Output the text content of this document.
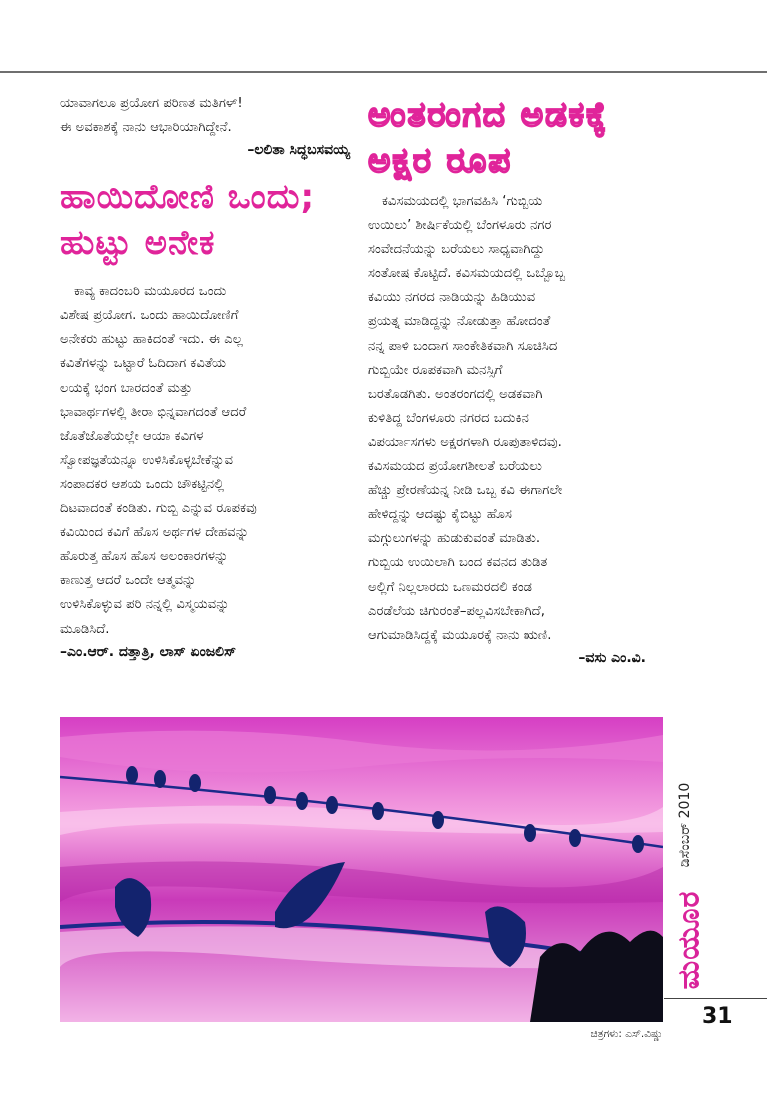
ಯಾವಾಗಲೂ ಪ್ರಯೋಗ ಪರಿಣತ ಮತಿಗಳ್!

ಈ ಅವಕಾಶಕ್ಕೆ ನಾನು ಆಭಾರಿಯಾಗಿದ್ದೇನೆ.

–ಲಲಿತಾ ಸಿದ್ಧಬಸವಯ್ಯ

ಹಾಯಿದೋಣಿ ಒಂದು;

ಹುಟ್ಟು ಅನೇಕ

ಕಾವ್ಯ ಕಾದಂಬರಿ ಮಯೂರದ ಒಂದು

ವಿಶೇಷ ಪ್ರಯೋಗ. ಒಂದು ಹಾಯಿದೋಣಿಗೆ

ಅನೇಕರು ಹುಟ್ಟು ಹಾಕಿದಂತೆ ಇದು. ಈ ಎಲ್ಲ

ಕವಿತೆಗಳನ್ನು ಒಟ್ಟಾರೆ ಓದಿದಾಗ ಕವಿತೆಯ

ಲಯಕ್ಕೆ ಭಂಗ ಬಾರದಂತೆ ಮತ್ತು

ಭಾವಾರ್ಥಗಳಲ್ಲಿ ತೀರಾ ಭಿನ್ನವಾಗದಂತೆ ಆದರೆ

ಜೊತೆಜೊತೆಯಲ್ಲೇ ಆಯಾ ಕವಿಗಳ

ಸ್ವೋಪಜ್ಞತೆಯನ್ನೂ ಉಳಿಸಿಕೊಳ್ಳಬೇಕೆನ್ನುವ

ಸಂಪಾದಕರ ಆಶಯ ಒಂದು ಚೌಕಟ್ಟಿನಲ್ಲಿ

ದಿಟವಾದಂತೆ ಕಂಡಿತು. ಗುಬ್ಬಿ ಎನ್ನುವ ರೂಪಕವು

ಕವಿಯಿಂದ ಕವಿಗೆ ಹೊಸ ಅರ್ಥಗಳ ದೇಹವನ್ನು

ಹೊರುತ್ತ ಹೊಸ ಹೊಸ ಅಲಂಕಾರಗಳನ್ನು

ಕಾಣುತ್ತ ಆದರೆ ಒಂದೇ ಆತ್ಮವನ್ನು

ಉಳಿಸಿಕೊಳ್ಳುವ ಪರಿ ನನ್ನಲ್ಲಿ ವಿಸ್ಮಯವನ್ನು

ಮೂಡಿಸಿದೆ.

–ಎಂ.ಆರ್. ದತ್ತಾತ್ರಿ, ಲಾಸ್ ಏಂಜಲಿಸ್

ಅಂತರಂಗದ ಅಡಕಕ್ಕೆ

ಅಕ್ಷರ ರೂಪ

ಕವಿಸಮಯದಲ್ಲಿ ಭಾಗವಹಿಸಿ ‘ಗುಬ್ಬಿಯ

ಉಯಿಲು’ ಶೀರ್ಷಿಕೆಯಲ್ಲಿ ಬೆಂಗಳೂರು ನಗರ

ಸಂವೇದನೆಯನ್ನು ಬರೆಯಲು ಸಾಧ್ಯವಾಗಿದ್ದು

ಸಂತೋಷ ಕೊಟ್ಟಿದೆ. ಕವಿಸಮಯದಲ್ಲಿ ಒಬ್ಬೊಬ್ಬ

ಕವಿಯು ನಗರದ ನಾಡಿಯನ್ನು ಹಿಡಿಯುವ

ಪ್ರಯತ್ನ ಮಾಡಿದ್ದನ್ನು ನೋಡುತ್ತಾ ಹೋದಂತೆ

ನನ್ನ ಪಾಳಿ ಬಂದಾಗ ಸಾಂಕೇತಿಕವಾಗಿ ಸೂಚಿಸಿದ

ಗುಬ್ಬಿಯೇ ರೂಪಕವಾಗಿ ಮನಸ್ಸಿಗೆ

ಬರತೊಡಗಿತು. ಅಂತರಂಗದಲ್ಲಿ ಅಡಕವಾಗಿ

ಕುಳಿತಿದ್ದ ಬೆಂಗಳೂರು ನಗರದ ಬದುಕಿನ

ವಿಪರ್ಯಾಸಗಳು ಅಕ್ಷರಗಳಾಗಿ ರೂಪುತಾಳಿದವು.

ಕವಿಸಮಯದ ಪ್ರಯೋಗಶೀಲತೆ ಬರೆಯಲು

ಹೆಚ್ಚು ಪ್ರೇರಣೆಯನ್ನ ನೀಡಿ ಒಬ್ಬ ಕವಿ ಈಗಾಗಲೇ

ಹೇಳಿದ್ದನ್ನು ಆದಷ್ಟು ಕೈಬಿಟ್ಟು ಹೊಸ

ಮಗ್ಗುಲುಗಳನ್ನು ಹುಡುಕುವಂತೆ ಮಾಡಿತು.

ಗುಬ್ಬಿಯ ಉಯಿಲಾಗಿ ಬಂದ ಕವನದ ತುಡಿತ

ಅಲ್ಲಿಗೆ ನಿಲ್ಲಲಾರದು ಒಣಮರದಲಿ ಕಂಡ

ಎರಡೆಲೆಯ ಚಿಗುರಂತೆ–ಪಲ್ಲವಿಸಬೇಕಾಗಿದೆ,

ಆಗುಮಾಡಿಸಿದ್ದಕ್ಕೆ ಮಯೂರಕ್ಕೆ ನಾನು ಋಣಿ.

–ವಸು ಎಂ.ವಿ.

ಡಿಸೆಂಬರ್ 2010
ಮಯೂರ
31
ಚಿತ್ರಗಳು: ಎಸ್.ವಿಷ್ಣು
